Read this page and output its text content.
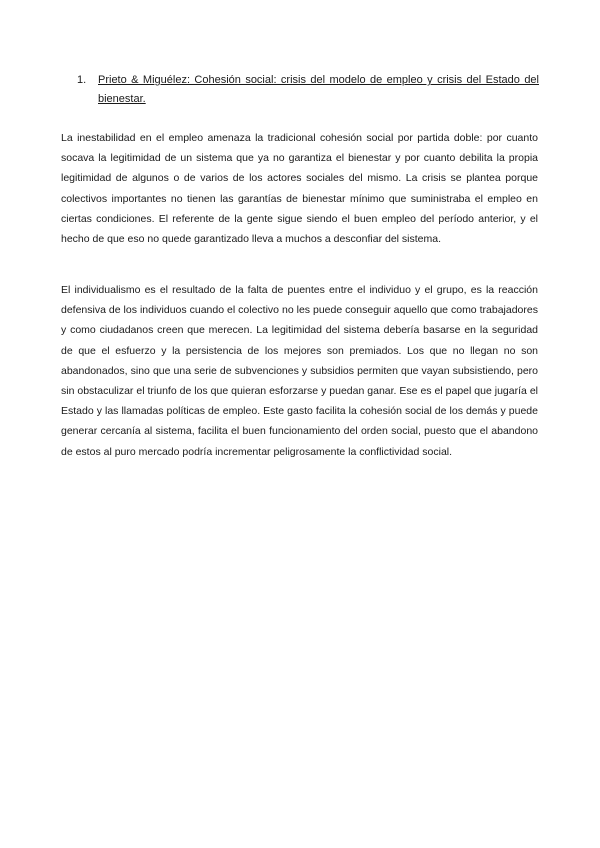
1.	Prieto & Miguélez: Cohesión social: crisis del modelo de empleo y crisis del Estado del bienestar.

La inestabilidad en el empleo amenaza la tradicional cohesión social por partida doble: por cuanto socava la legitimidad de un sistema que ya no garantiza el bienestar y por cuanto debilita la propia legitimidad de algunos o de varios de los actores sociales del mismo. La crisis se plantea porque colectivos importantes no tienen las garantías de bienestar mínimo que suministraba el empleo en ciertas condiciones. El referente de la gente sigue siendo el buen empleo del período anterior, y el hecho de que eso no quede garantizado lleva a muchos a desconfiar del sistema.

El individualismo es el resultado de la falta de puentes entre el individuo y el grupo, es la reacción defensiva de los individuos cuando el colectivo no les puede conseguir aquello que como trabajadores y como ciudadanos creen que merecen. La legitimidad del sistema debería basarse en la seguridad de que el esfuerzo y la persistencia de los mejores son premiados. Los que no llegan no son abandonados, sino que una serie de subvenciones y subsidios permiten que vayan subsistiendo, pero sin obstaculizar el triunfo de los que quieran esforzarse y puedan ganar. Ese es el papel que jugaría el Estado y las llamadas políticas de empleo. Este gasto facilita la cohesión social de los demás y puede generar cercanía al sistema, facilita el buen funcionamiento del orden social, puesto que el abandono de estos al puro mercado podría incrementar peligrosamente la conflictividad social.
